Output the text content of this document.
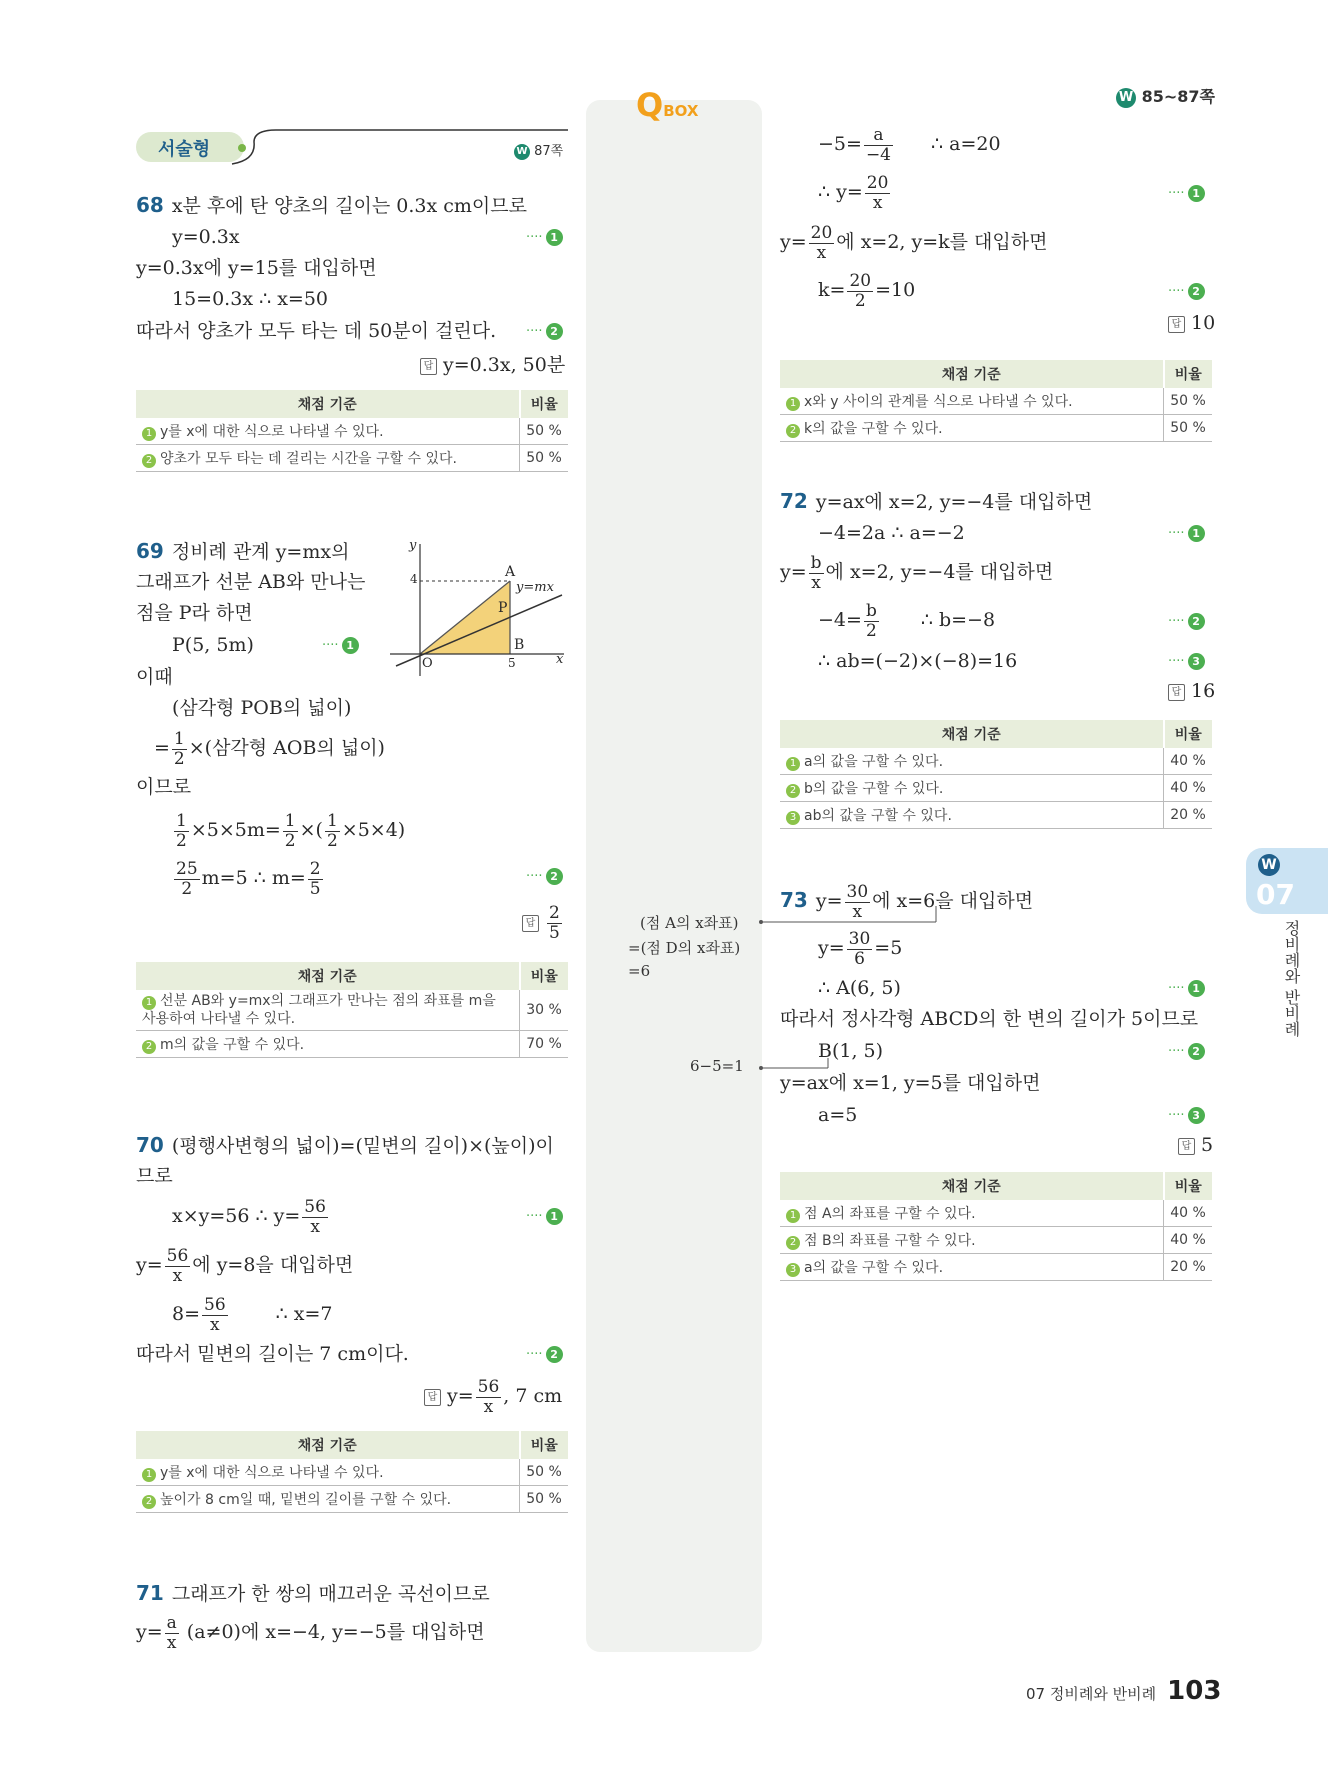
QBOX
W 85~87쪽
서술형	W 87쪽
W
07
정비례와 반비례
68 x분 후에 탄 양초의 길이는 0.3x cm이므로
y=0.3x	···· 1
y=0.3x에 y=15를 대입하면
15=0.3x ∴ x=50
따라서 양초가 모두 타는 데 50분이 걸린다. ···· 2
답 y=0.3x, 50분
채점 기준	비율
1 y를 x에 대한 식으로 나타낼 수 있다.	50 %
2 양초가 모두 타는 데 걸리는 시간을 구할 수 있다.	50 %
69 정비례 관계 y=mx의
그래프가 선분 AB와 만나는
점을 P라 하면
P(5, 5m)	···· 1
이때
(삼각형 POB의 넓이)
= $\frac{1}{2}$ ×(삼각형 AOB의 넓이)
이므로
$\frac{1}{2} \times 5\times 5m= \frac{1}{2}$ ×( $\frac{1}{2} \times 5\times 4$)
$\frac{25}{2} m=5$ ∴ $m= \frac{2}{5}$	···· 2
답 $\frac{2}{5}$
y
x
O
A
P
B
4
5
y=mx
채점 기준	비율
1 선분 AB와 y=mx의 그래프가 만나는 점의 좌표를 m을 사용하여 나타낼 수 있다.	30 %
2 m의 값을 구할 수 있다.	70 %
70 (평행사변형의 넓이)=(밑변의 길이)×(높이)이
므로
x×y=56 ∴ $y= \frac{56}{x}$	···· 1
$y= \frac{56}{x}$ 에 y=8을 대입하면
$8= \frac{56}{x}$	∴ x=7
따라서 밑변의 길이는 7 cm이다.	···· 2
답 $y= \frac{56}{x}$ , 7 cm
채점 기준	비율
1 y를 x에 대한 식으로 나타낼 수 있다.	50 %
2 높이가 8 cm일 때, 밑변의 길이를 구할 수 있다.	50 %
71 그래프가 한 쌍의 매끄러운 곡선이므로
$y= \frac{a}{x} (a\ne 0)$에 x=−4, y=−5를 대입하면
$-5= \frac{a}{-4}$ ∴ a=20
∴ $y= \frac{20}{x}$	···· 1
$y= \frac{20}{x}$ 에 x=2, y=k를 대입하면
$k= \frac{20}{2} =10$	···· 2
답 10
채점 기준	비율
1 x와 y 사이의 관계를 식으로 나타낼 수 있다.	50 %
2 k의 값을 구할 수 있다.	50 %
72 y=ax에 x=2, y=−4를 대입하면
−4=2a ∴ a=−2	···· 1
$y= \frac{b}{x}$ 에 x=2, y=−4를 대입하면
$-4= \frac{b}{2}$ ∴ b=−8	···· 2
∴ ab=(−2)×(−8)=16	···· 3
답 16
채점 기준	비율
1 a의 값을 구할 수 있다.	40 %
2 b의 값을 구할 수 있다.	40 %
3 ab의 값을 구할 수 있다.	20 %
73 $y= \frac{30}{x}$ 에 x=6을 대입하면
$y= \frac{30}{6} =5$
∴ A(6, 5)	···· 1
따라서 정사각형 ABCD의 한 변의 길이가 5이므로
B(1, 5)	···· 2
y=ax에 x=1, y=5를 대입하면
a=5	···· 3
답 5
(점 A의 x좌표)
=(점 D의 x좌표)
=6
6−5=1
채점 기준	비율
1 점 A의 좌표를 구할 수 있다.	40 %
2 점 B의 좌표를 구할 수 있다.	40 %
3 a의 값을 구할 수 있다.	20 %
07 정비례와 반비례 103
